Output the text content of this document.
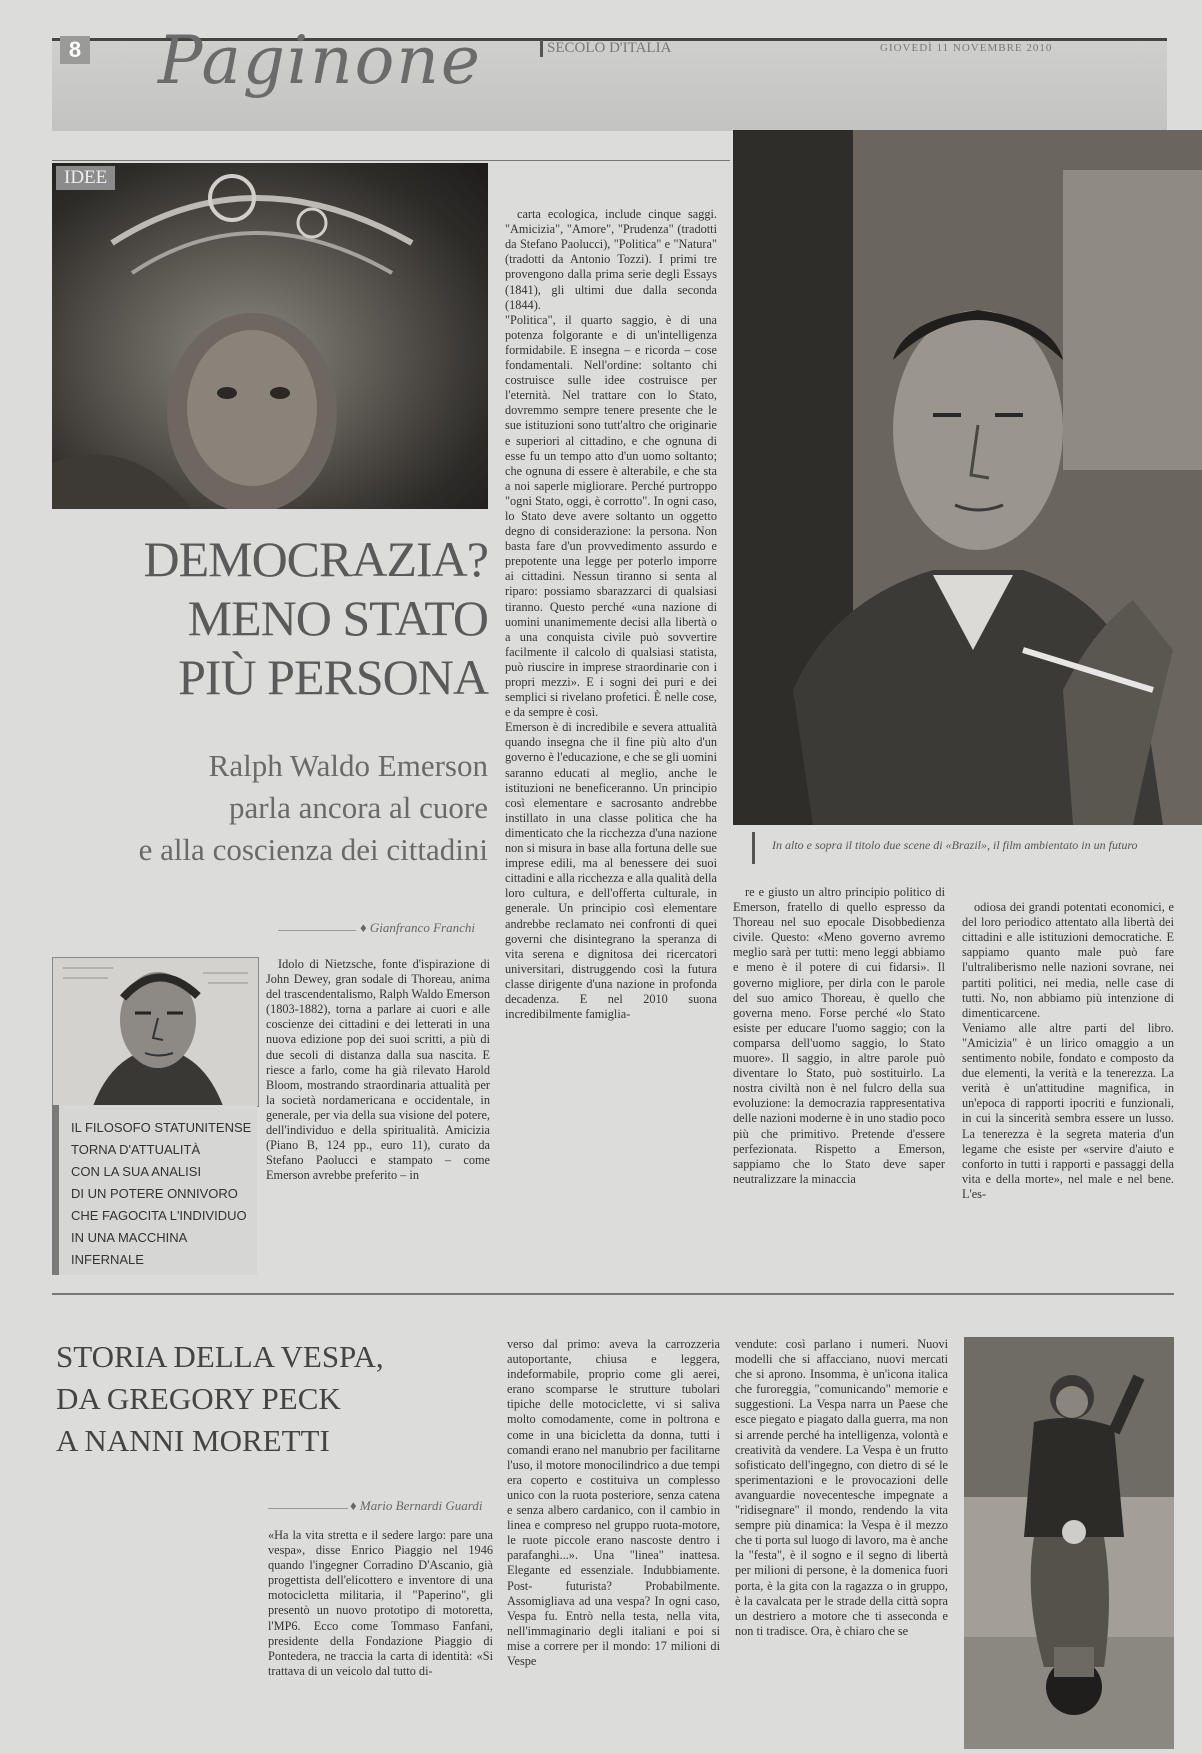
8 Paginone	SECOLO D'ITALIA	GIOVEDÌ 11 NOVEMBRE 2010
IDEE
DEMOCRAZIA?
MENO STATO
PIÙ PERSONA
Ralph Waldo Emerson
parla ancora al cuore
e alla coscienza dei cittadini
♦ Gianfranco Franchi
IL FILOSOFO STATUNITENSE
TORNA D'ATTUALITÀ
CON LA SUA ANALISI
DI UN POTERE ONNIVORO
CHE FAGOCITA L'INDIVIDUO
IN UNA MACCHINA INFERNALE

Idolo di Nietzsche, fonte d'ispirazione di John Dewey, gran sodale di Thoreau, anima del trascendentalismo, Ralph Waldo Emerson (1803-1882), torna a parlare ai cuori e alle coscienze dei cittadini e dei letterati in una nuova edizione pop dei suoi scritti, a più di due secoli di distanza dalla sua nascita. E riesce a farlo, come ha già rilevato Harold Bloom, mostrando straordinaria attualità per la società nordamericana e occidentale, in generale, per via della sua visione del potere, dell'individuo e della spiritualità. Amicizia (Piano B, 124 pp., euro 11), curato da Stefano Paolucci e stampato – come Emerson avrebbe preferito – in

carta ecologica, include cinque saggi. "Amicizia", "Amore", "Prudenza" (tradotti da Stefano Paolucci), "Politica" e "Natura" (tradotti da Antonio Tozzi). I primi tre provengono dalla prima serie degli Essays (1841), gli ultimi due dalla seconda (1844).
"Politica", il quarto saggio, è di una potenza folgorante e di un'intelligenza formidabile. E insegna – e ricorda – cose fondamentali. Nell'ordine: soltanto chi costruisce sulle idee costruisce per l'eternità. Nel trattare con lo Stato, dovremmo sempre tenere presente che le sue istituzioni sono tutt'altro che originarie e superiori al cittadino, e che ognuna di esse fu un tempo atto d'un uomo soltanto; che ognuna di essere è alterabile, e che sta a noi saperle migliorare. Perché purtroppo "ogni Stato, oggi, è corrotto". In ogni caso, lo Stato deve avere soltanto un oggetto degno di considerazione: la persona. Non basta fare d'un provvedimento assurdo e prepotente una legge per poterlo imporre ai cittadini. Nessun tiranno si senta al riparo: possiamo sbarazzarci di qualsiasi tiranno. Questo perché «una nazione di uomini unanimemente decisi alla libertà o a una conquista civile può sovvertire facilmente il calcolo di qualsiasi statista, può riuscire in imprese straordinarie con i propri mezzi». E i sogni dei puri e dei semplici si rivelano profetici. È nelle cose, e da sempre è così.
Emerson è di incredibile e severa attualità quando insegna che il fine più alto d'un governo è l'educazione, e che se gli uomini saranno educati al meglio, anche le istituzioni ne beneficeranno. Un principio così elementare e sacrosanto andrebbe instillato in una classe politica che ha dimenticato che la ricchezza d'una nazione non si misura in base alla fortuna delle sue imprese edili, ma al benessere dei suoi cittadini e alla ricchezza e alla qualità della loro cultura, e dell'offerta culturale, in generale. Un principio così elementare andrebbe reclamato nei confronti di quei governi che disintegrano la speranza di vita serena e dignitosa dei ricercatori universitari, distruggendo così la futura classe dirigente d'una nazione in profonda decadenza. E nel 2010 suona incredibilmente famiglia-

In alto e sopra il titolo due scene di «Brazil», il film ambientato in un futuro

re e giusto un altro principio politico di Emerson, fratello di quello espresso da Thoreau nel suo epocale Disobbedienza civile. Questo: «Meno governo avremo meglio sarà per tutti: meno leggi abbiamo e meno è il potere di cui fidarsi». Il governo migliore, per dirla con le parole del suo amico Thoreau, è quello che governa meno. Forse perché «lo Stato esiste per educare l'uomo saggio; con la comparsa dell'uomo saggio, lo Stato muore». Il saggio, in altre parole può diventare lo Stato, può sostituirlo. La nostra civiltà non è nel fulcro della sua evoluzione: la democrazia rappresentativa delle nazioni moderne è in uno stadio poco più che primitivo. Pretende d'essere perfezionata. Rispetto a Emerson, sappiamo che lo Stato deve saper neutralizzare la minaccia

odiosa dei grandi potentati economici, e del loro periodico attentato alla libertà dei cittadini e alle istituzioni democratiche. E sappiamo quanto male può fare l'ultraliberismo nelle nazioni sovrane, nei partiti politici, nei media, nelle case di tutti. No, non abbiamo più intenzione di dimenticarcene.
Veniamo alle altre parti del libro. "Amicizia" è un lirico omaggio a un sentimento nobile, fondato e composto da due elementi, la verità e la tenerezza. La verità è un'attitudine magnifica, in un'epoca di rapporti ipocriti e funzionali, in cui la sincerità sembra essere un lusso. La tenerezza è la segreta materia d'un legame che esiste per «servire d'aiuto e conforto in tutti i rapporti e passaggi della vita e della morte», nel male e nel bene. L'es-

STORIA DELLA VESPA,
DA GREGORY PECK
A NANNI MORETTI
♦ Mario Bernardi Guardi

«Ha la vita stretta e il sedere largo: pare una vespa», disse Enrico Piaggio nel 1946 quando l'ingegner Corradino D'Ascanio, già progettista dell'elicottero e inventore di una motocicletta militaria, il "Paperino", gli presentò un nuovo prototipo di motoretta, l'MP6. Ecco come Tommaso Fanfani, presidente della Fondazione Piaggio di Pontedera, ne traccia la carta di identità: «Si trattava di un veicolo dal tutto di-

verso dal primo: aveva la carrozzeria autoportante, chiusa e leggera, indeformabile, proprio come gli aerei, erano scomparse le strutture tubolari tipiche delle motociclette, vi si saliva molto comodamente, come in poltrona e come in una bicicletta da donna, tutti i comandi erano nel manubrio per facilitarne l'uso, il motore monocilindrico a due tempi era coperto e costituiva un complesso unico con la ruota posteriore, senza catena e senza albero cardanico, con il cambio in linea e compreso nel gruppo ruota-motore, le ruote piccole erano nascoste dentro i parafanghi...». Una "linea" inattesa. Elegante ed essenziale. Indubbiamente. Post- futurista? Probabilmente. Assomigliava ad una vespa? In ogni caso, Vespa fu. Entrò nella testa, nella vita, nell'immaginario degli italiani e poi si mise a correre per il mondo: 17 milioni di Vespe

vendute: così parlano i numeri. Nuovi modelli che si affacciano, nuovi mercati che si aprono. Insomma, è un'icona italica che furoreggia, "comunicando" memorie e suggestioni. La Vespa narra un Paese che esce piegato e piagato dalla guerra, ma non si arrende perché ha intelligenza, volontà e creatività da vendere. La Vespa è un frutto sofisticato dell'ingegno, con dietro di sé le sperimentazioni e le provocazioni delle avanguardie novecentesche impegnate a "ridisegnare" il mondo, rendendo la vita sempre più dinamica: la Vespa è il mezzo che ti porta sul luogo di lavoro, ma è anche la "festa", è il sogno e il segno di libertà per milioni di persone, è la domenica fuori porta, è la gita con la ragazza o in gruppo, è la cavalcata per le strade della città sopra un destriero a motore che ti asseconda e non ti tradisce. Ora, è chiaro che se
